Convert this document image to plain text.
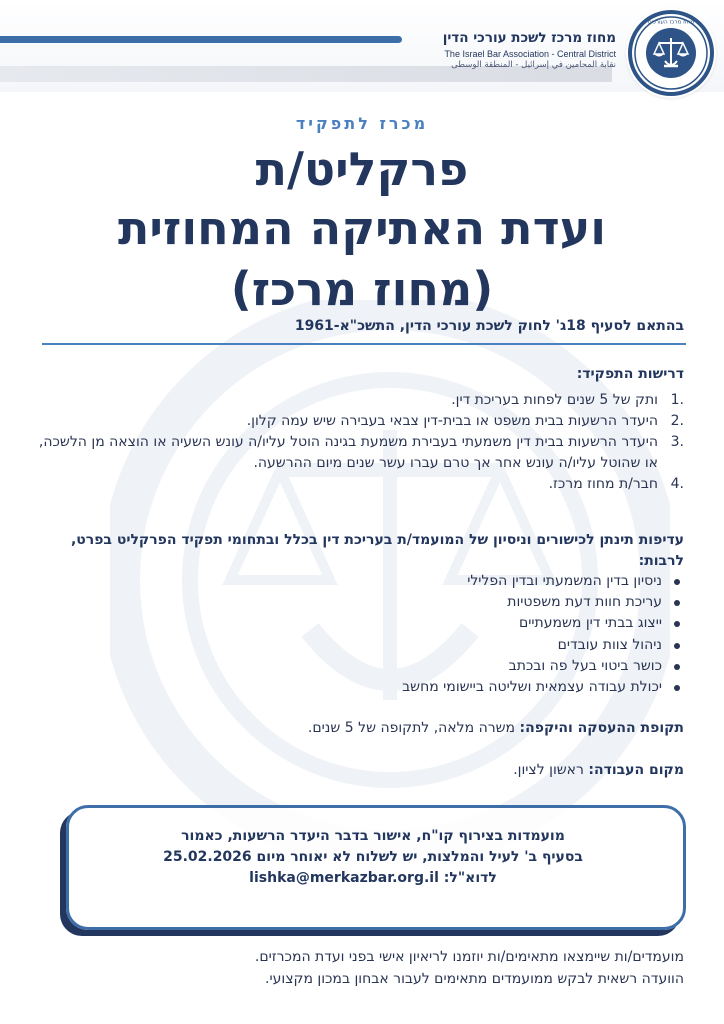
מחוז מרכז לשכת עורכי הדין
The Israel Bar Association - Central District
نقابة المحامين في إسرائيل - المنطقة الوسطى
מחוז מרכז העורכים
מכרז לתפקיד
פרקליט/ת
ועדת האתיקה המחוזית
(מחוז מרכז)
בהתאם לסעיף 18ג' לחוק לשכת עורכי הדין, התשכ"א-1961
דרישות התפקיד:
1.
ותק של 5 שנים לפחות בעריכת דין.
2.
היעדר הרשעות בבית משפט או בבית-דין צבאי בעבירה שיש עמה קלון.
3.
היעדר הרשעות בבית דין משמעתי בעבירת משמעת בגינה הוטל עליו/ה עונש השעיה או הוצאה מן הלשכה, או שהוטל עליו/ה עונש אחר אך טרם עברו עשר שנים מיום ההרשעה.
4.
חבר/ת מחוז מרכז.
עדיפות תינתן לכישורים וניסיון של המועמד/ת בעריכת דין בכלל ובתחומי תפקיד הפרקליט בפרט, לרבות:
ניסיון בדין המשמעתי ובדין הפלילי
עריכת חוות דעת משפטיות
ייצוג בבתי דין משמעתיים
ניהול צוות עובדים
כושר ביטוי בעל פה ובכתב
יכולת עבודה עצמאית ושליטה ביישומי מחשב
תקופת ההעסקה והיקפה: משרה מלאה, לתקופה של 5 שנים.
מקום העבודה: ראשון לציון.
מועמדות בצירוף קו"ח, אישור בדבר היעדר הרשעות, כאמור
בסעיף ב' לעיל והמלצות, יש לשלוח לא יאוחר מיום 25.02.2026
לדוא"ל: lishka@merkazbar.org.il
מועמדים/ות שיימצאו מתאימים/ות יוזמנו לריאיון אישי בפני ועדת המכרזים.
הוועדה רשאית לבקש ממועמדים מתאימים לעבור אבחון במכון מקצועי.
